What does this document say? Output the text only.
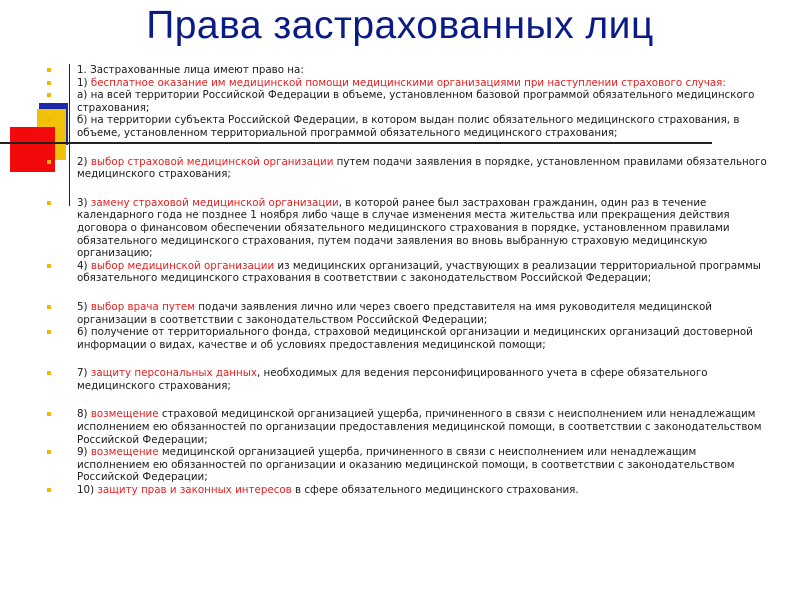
Права застрахованных лиц
1. Застрахованные лица имеют право на:
1) бесплатное оказание им медицинской помощи медицинскими организациями при наступлении страхового случая:
а) на всей территории Российской Федерации в объеме, установленном базовой программой обязательного медицинского страхования;
б) на территории субъекта Российской Федерации, в котором выдан полис обязательного медицинского страхования, в объеме, установленном территориальной программой обязательного медицинского страхования;
2) выбор страховой медицинской организации путем подачи заявления в порядке, установленном правилами обязательного медицинского страхования;
3) замену страховой медицинской организации, в которой ранее был застрахован гражданин, один раз в течение календарного года не позднее 1 ноября либо чаще в случае изменения места жительства или прекращения действия договора о финансовом обеспечении обязательного медицинского страхования в порядке, установленном правилами обязательного медицинского страхования, путем подачи заявления во вновь выбранную страховую медицинскую организацию;
4) выбор медицинской организации из медицинских организаций, участвующих в реализации территориальной программы обязательного медицинского страхования в соответствии с законодательством Российской Федерации;
5) выбор врача путем подачи заявления лично или через своего представителя на имя руководителя медицинской организации в соответствии с законодательством Российской Федерации;
6) получение от территориального фонда, страховой медицинской организации и медицинских организаций достоверной информации о видах, качестве и об условиях предоставления медицинской помощи;
7) защиту персональных данных, необходимых для ведения персонифицированного учета в сфере обязательного медицинского страхования;
8) возмещение страховой медицинской организацией ущерба, причиненного в связи с неисполнением или ненадлежащим исполнением ею обязанностей по организации предоставления медицинской помощи, в соответствии с законодательством Российской Федерации;
9) возмещение медицинской организацией ущерба, причиненного в связи с неисполнением или ненадлежащим исполнением ею обязанностей по организации и оказанию медицинской помощи, в соответствии с законодательством Российской Федерации;
10) защиту прав и законных интересов в сфере обязательного медицинского страхования.
